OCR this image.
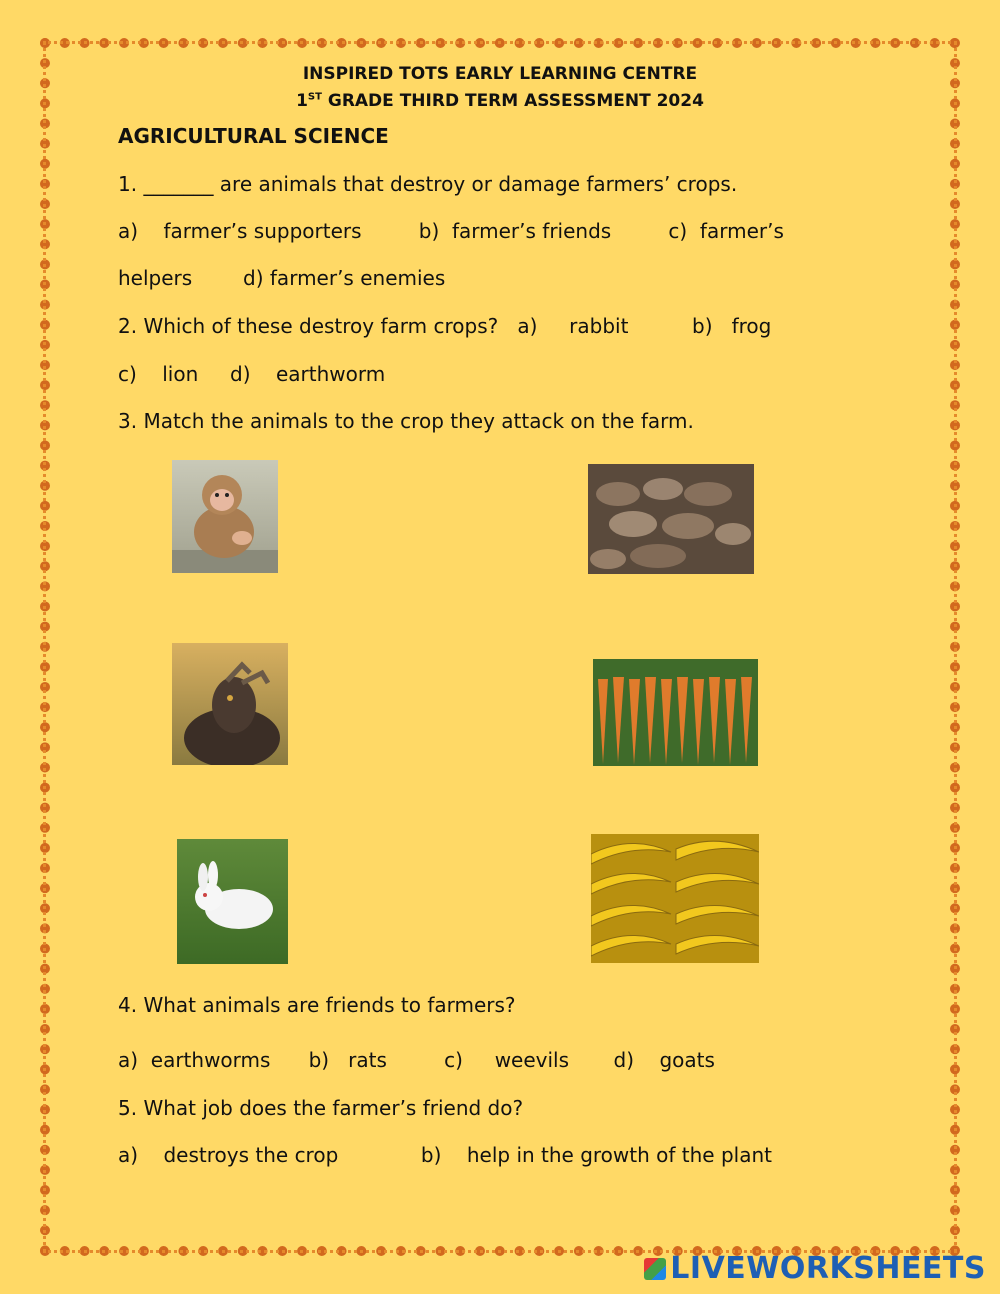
INSPIRED TOTS EARLY LEARNING CENTRE
1ST GRADE THIRD TERM ASSESSMENT 2024
AGRICULTURAL SCIENCE
1. _______ are animals that destroy or damage farmers’ crops.
a)    farmer’s supporters         b)  farmer’s friends         c)  farmer’s
helpers        d) farmer’s enemies
2. Which of these destroy farm crops?   a)     rabbit          b)   frog
c)    lion     d)    earthworm
3. Match the animals to the crop they attack on the farm.
4. What animals are friends to farmers?
a)  earthworms      b)   rats         c)     weevils       d)    goats
5. What job does the farmer’s friend do?
a)    destroys the crop             b)    help in the growth of the plant
LIVEWORKSHEETS
